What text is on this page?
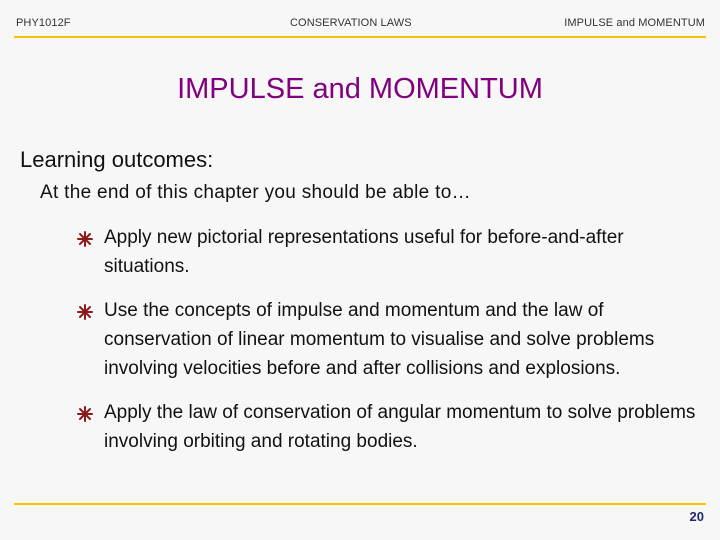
PHY1012F	CONSERVATION LAWS	IMPULSE and MOMENTUM
IMPULSE and MOMENTUM
Learning outcomes:
At the end of this chapter you should be able to…
Apply new pictorial representations useful for before-and-after situations.
Use the concepts of impulse and momentum and the law of conservation of linear momentum to visualise and solve problems involving velocities before and after collisions and explosions.
Apply the law of conservation of angular momentum to solve problems involving orbiting and rotating bodies.
20
